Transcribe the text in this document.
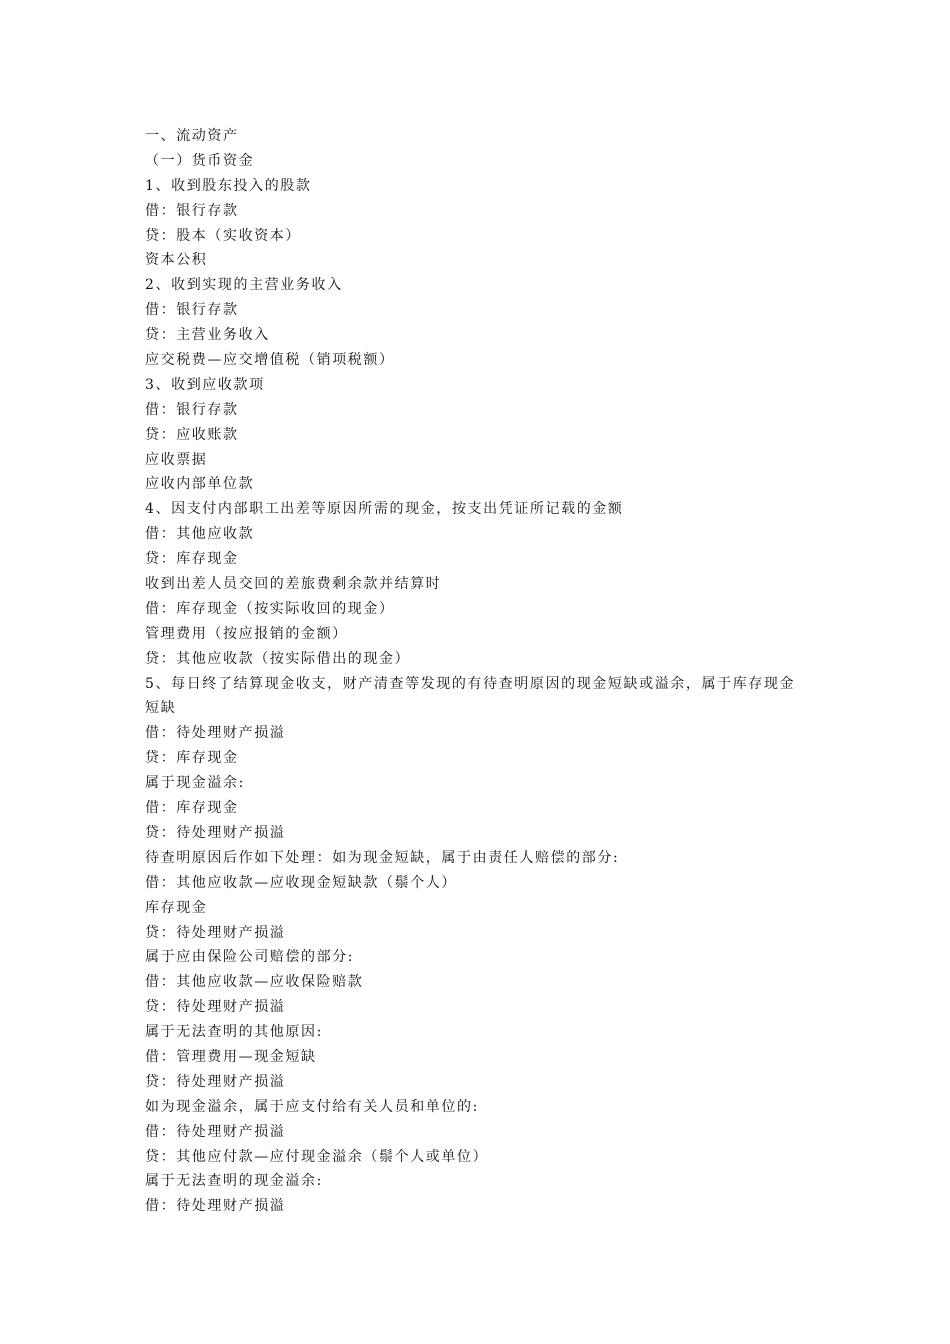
一、流动资产
（一）货币资金
1、收到股东投入的股款
借：银行存款
贷：股本（实收资本）
资本公积
2、收到实现的主营业务收入
借：银行存款
贷：主营业务收入
应交税费—应交增值税（销项税额）
3、收到应收款项
借：银行存款
贷：应收账款
应收票据
应收内部单位款
4、因支付内部职工出差等原因所需的现金，按支出凭证所记载的金额
借：其他应收款
贷：库存现金
收到出差人员交回的差旅费剩余款并结算时
借：库存现金（按实际收回的现金）
管理费用（按应报销的金额）
贷：其他应收款（按实际借出的现金）
5、每日终了结算现金收支，财产清查等发现的有待查明原因的现金短缺或溢余，属于库存现金
短缺
借：待处理财产损溢
贷：库存现金
属于现金溢余:
借：库存现金
贷：待处理财产损溢
待查明原因后作如下处理：如为现金短缺，属于由责任人赔偿的部分:
借：其他应收款—应收现金短缺款（鬃个人）
库存现金
贷：待处理财产损溢
属于应由保险公司赔偿的部分:
借：其他应收款—应收保险赔款
贷：待处理财产损溢
属于无法查明的其他原因:
借：管理费用—现金短缺
贷：待处理财产损溢
如为现金溢余，属于应支付给有关人员和单位的:
借：待处理财产损溢
贷：其他应付款—应付现金溢余（鬃个人或单位）
属于无法查明的现金溢余:
借：待处理财产损溢
